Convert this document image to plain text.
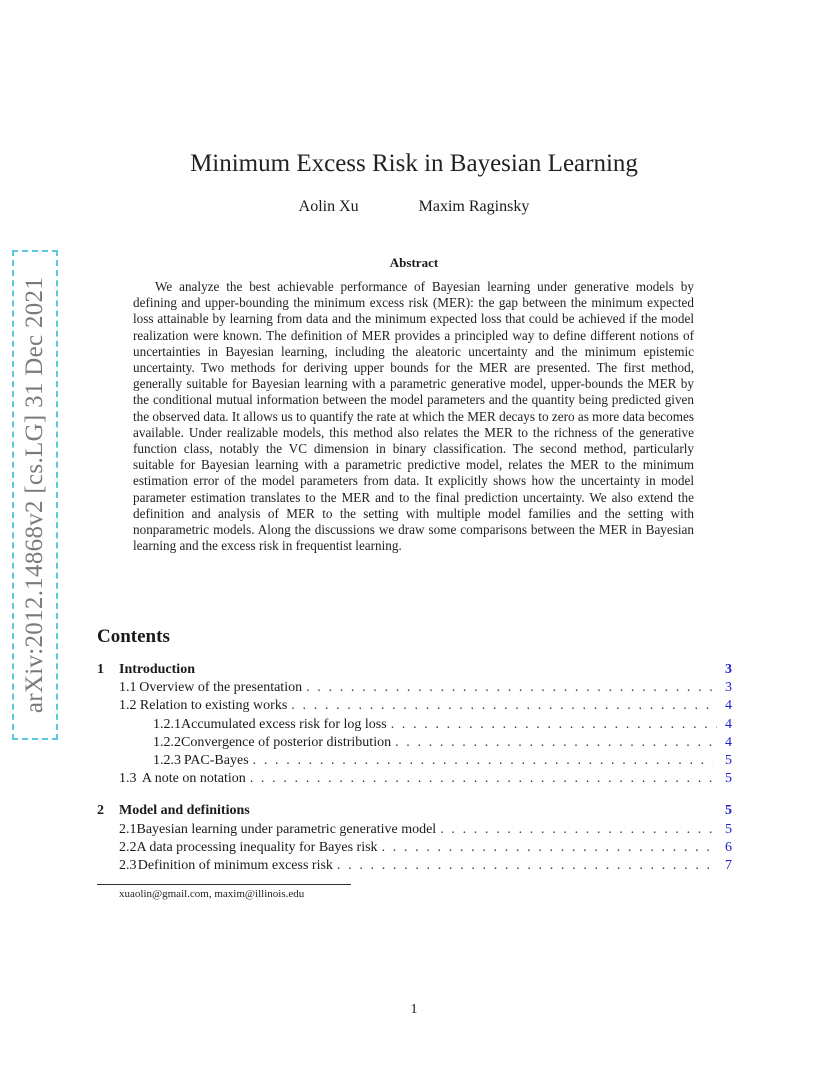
arXiv:2012.14868v2 [cs.LG] 31 Dec 2021
Minimum Excess Risk in Bayesian Learning
Aolin Xu	Maxim Raginsky
Abstract
We analyze the best achievable performance of Bayesian learning under generative models by defining and upper-bounding the minimum excess risk (MER): the gap between the minimum expected loss attainable by learning from data and the minimum expected loss that could be achieved if the model realization were known. The definition of MER provides a principled way to define different notions of uncertainties in Bayesian learning, including the aleatoric uncertainty and the minimum epistemic uncertainty. Two methods for deriving upper bounds for the MER are presented. The first method, generally suitable for Bayesian learning with a parametric generative model, upper-bounds the MER by the conditional mutual information between the model parameters and the quantity being predicted given the observed data. It allows us to quantify the rate at which the MER decays to zero as more data becomes available. Under realizable models, this method also relates the MER to the richness of the generative function class, notably the VC dimension in binary classification. The second method, particularly suitable for Bayesian learning with a parametric predictive model, relates the MER to the minimum estimation error of the model parameters from data. It explicitly shows how the uncertainty in model parameter estimation translates to the MER and to the final prediction uncertainty. We also extend the definition and analysis of MER to the setting with multiple model families and the setting with nonparametric models. Along the discussions we draw some comparisons between the MER in Bayesian learning and the excess risk in frequentist learning.
Contents
1	Introduction	3
1.1 Overview of the presentation . . .	3
1.2 Relation to existing works . . .	4
1.2.1 Accumulated excess risk for log loss . . .	4
1.2.2 Convergence of posterior distribution . . .	4
1.2.3 PAC-Bayes . . .	5
1.3 A note on notation . . .	5
2	Model and definitions	5
2.1 Bayesian learning under parametric generative model . . .	5
2.2 A data processing inequality for Bayes risk . . .	6
2.3 Definition of minimum excess risk . . .	7
xuaolin@gmail.com, maxim@illinois.edu
1
